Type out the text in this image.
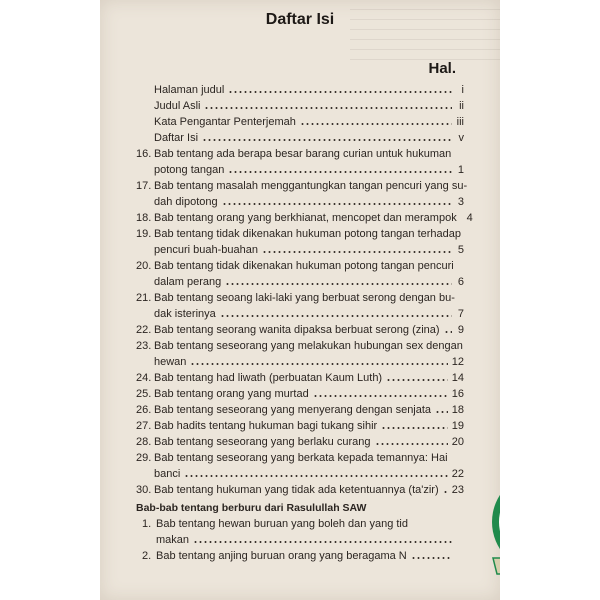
Daftar Isi
Hal.
Halaman judul	i
Judul Asli	ii
Kata Pengantar Penterjemah	iii
Daftar Isi	v
16. Bab tentang ada berapa besar barang curian untuk hukuman
potong tangan	1
17. Bab tentang masalah menggantungkan tangan pencuri yang su-
dah dipotong	3
18. Bab tentang orang yang berkhianat, mencopet dan merampok 4
19. Bab tentang tidak dikenakan hukuman potong tangan terhadap
pencuri buah-buahan	5
20. Bab tentang tidak dikenakan hukuman potong tangan pencuri
dalam perang	6
21. Bab tentang seoang laki-laki yang berbuat serong dengan bu-
dak isterinya	7
22. Bab tentang seorang wanita dipaksa berbuat serong (zina) 9
23. Bab tentang seseorang yang melakukan hubungan sex dengan
hewan	12
24. Bab tentang had liwath (perbuatan Kaum Luth)	14
25. Bab tentang orang yang murtad	16
26. Bab tentang seseorang yang menyerang dengan senjata 18
27. Bab hadits tentang hukuman bagi tukang sihir	19
28. Bab tentang seseorang yang berlaku curang	20
29. Bab tentang seseorang yang berkata kepada temannya: Hai
banci	22
30. Bab tentang hukuman yang tidak ada ketentuannya (ta'zir) 23
Bab-bab tentang berburu dari Rasulullah SAW
1. Bab tentang hewan buruan yang boleh dan yang tid
makan
2. Bab tentang anjing buruan orang yang beragama N
مكتبة التميمي
١٩٩٣
